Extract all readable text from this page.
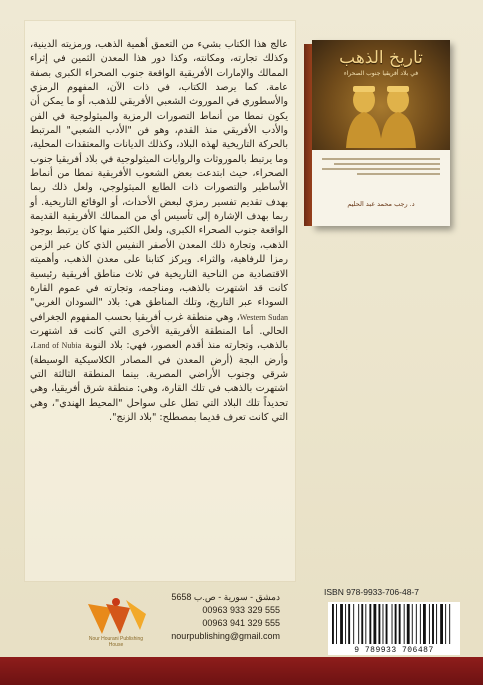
عالج هذا الكتاب بشيء من التعمق أهمية الذهب، ورمزيته الدينية، وكذلك تجارته، ومكانته، وكذا دور هذا المعدن الثمين في إثراء الممالك والإمارات الأفريقية الواقعة جنوب الصحراء الكبرى بصفة عامة. كما يرصد الكتاب، في ذات الآن، المفهوم الرمزي والأسطوري في الموروث الشعبي الأفريقي للذهب، أو ما يمكن أن يكون نمطا من أنماط التصورات الرمزية والميثولوجية في الفن والأدب الأفريقي منذ القدم، وهو فن "الأدب الشعبي" المرتبط بالحركة التاريخية لهذه البلاد، وكذلك الديانات والمعتقدات المحلية، وما يرتبط بالموروثات والروايات الميثولوجية في بلاد أفريقيا جنوب الصحراء، حيث ابتدعت بعض الشعوب الأفريقية نمطا من أنماط الأساطير والتصورات ذات الطابع الميثولوجي، ولعل ذلك ربما بهدف تقديم تفسير رمزي لبعض الأحداث، أو الوقائع التاريخية. أو ربما بهدف الإشارة إلى تأسيس أي من الممالك الأفريقية القديمة الواقعة جنوب الصحراء الكبرى، ولعل الكثير منها كان يرتبط بوجود الذهب، وتجارة ذلك المعدن الأصفر النفيس الذي كان عبر الزمن رمزا للرفاهية، والثراء. ويركز كتابنا على معدن الذهب، وأهميته الاقتصادية من الناحية التاريخية في ثلاث مناطق أفريقية رئيسية كانت قد اشتهرت بالذهب، ومناجمه، وتجارته في عموم القارة السوداء عبر التاريخ، وتلك المناطق هي: بلاد "السودان الغربي" Western Sudan، وهي منطقة غرب أفريقيا بحسب المفهوم الجغرافي الحالي. أما المنطقة الأفريقية الأخرى التي كانت قد اشتهرت بالذهب، وتجارته منذ أقدم العصور، فهي: بلاد النوبة Land of Nubia، وأرض البجة (أرض المعدن في المصادر الكلاسيكية الوسيطة) شرقي وجنوب الأراضي المصرية. بينما المنطقة الثالثة التي اشتهرت بالذهب في تلك القارة، وهي: منطقة شرق أفريقيا، وهي تحديداً تلك البلاد التي تطل على سواحل "المحيط الهندي"، وهي التي كانت تعرف قديما بمصطلح: "بلاد الزنج".

تاريخ الذهب
في بلاد أفريقيا جنوب الصحراء
د. رجب محمد عبد الحليم
Nour Hourani Publishing House
دمشق - سورية - ص.ب 5658
00963 933 329 555
00963 941 329 555
nourpublishing@gmail.com
ISBN 978-9933-706-48-7
9 789933 706487
